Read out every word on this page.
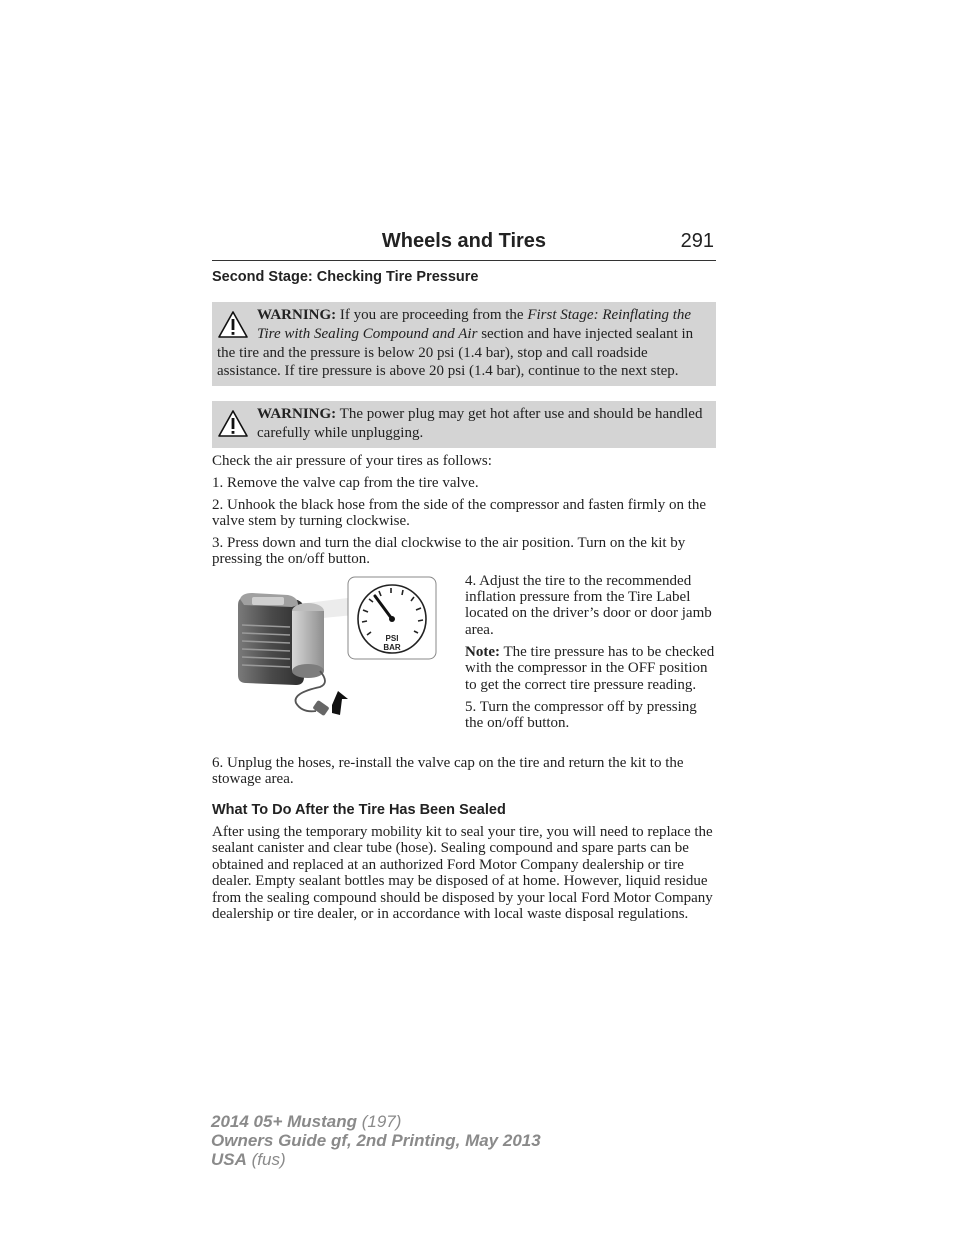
Wheels and Tires	291
Second Stage: Checking Tire Pressure
WARNING: If you are proceeding from the First Stage: Reinflating the Tire with Sealing Compound and Air section and have injected sealant in the tire and the pressure is below 20 psi (1.4 bar), stop and call roadside assistance. If tire pressure is above 20 psi (1.4 bar), continue to the next step.
WARNING: The power plug may get hot after use and should be handled carefully while unplugging.

Check the air pressure of your tires as follows:

1. Remove the valve cap from the tire valve.

2. Unhook the black hose from the side of the compressor and fasten firmly on the valve stem by turning clockwise.

3. Press down and turn the dial clockwise to the air position. Turn on the kit by pressing the on/off button.

PSI
BAR

4. Adjust the tire to the recommended inflation pressure from the Tire Label located on the driver’s door or door jamb area.

Note: The tire pressure has to be checked with the compressor in the OFF position to get the correct tire pressure reading.

5. Turn the compressor off by pressing the on/off button.

6. Unplug the hoses, re-install the valve cap on the tire and return the kit to the stowage area.

What To Do After the Tire Has Been Sealed

After using the temporary mobility kit to seal your tire, you will need to replace the sealant canister and clear tube (hose). Sealing compound and spare parts can be obtained and replaced at an authorized Ford Motor Company dealership or tire dealer. Empty sealant bottles may be disposed of at home. However, liquid residue from the sealing compound should be disposed by your local Ford Motor Company dealership or tire dealer, or in accordance with local waste disposal regulations.

2014 05+ Mustang (197)
Owners Guide gf, 2nd Printing, May 2013
USA (fus)
